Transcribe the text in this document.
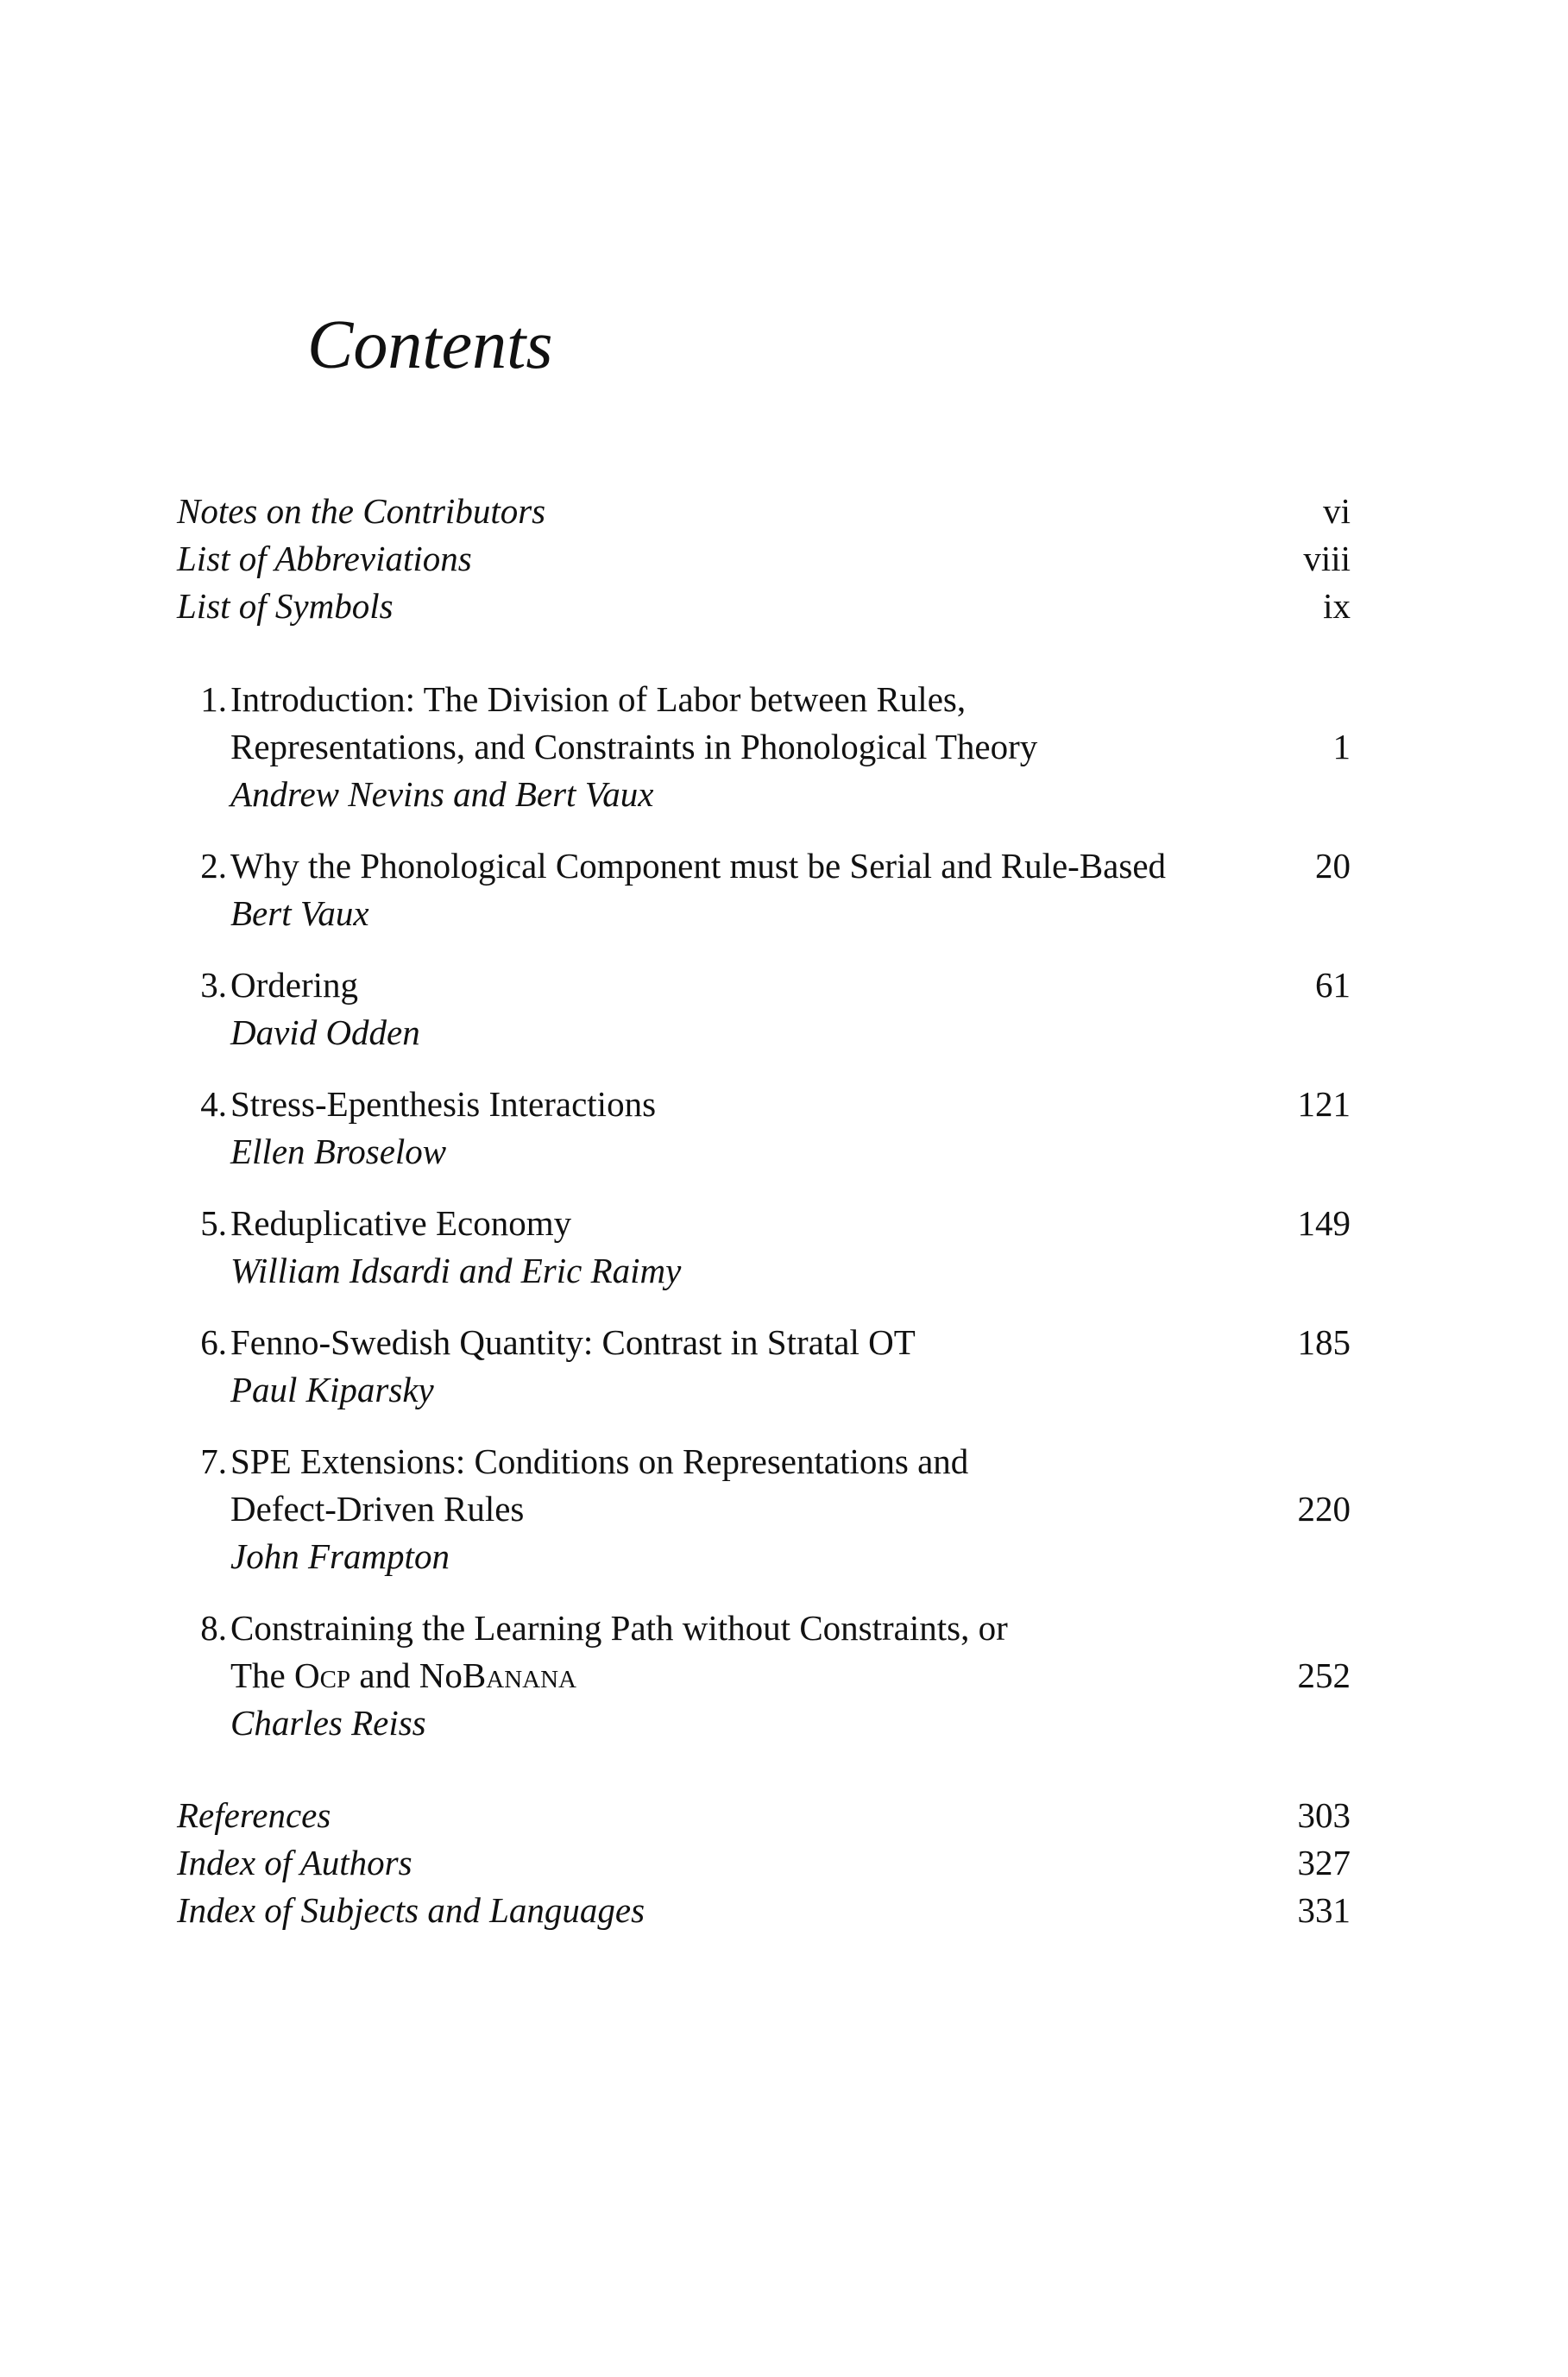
Contents
Notes on the Contributors	vi
List of Abbreviations	viii
List of Symbols	ix
1. Introduction: The Division of Labor between Rules,
Representations, and Constraints in Phonological Theory	1
Andrew Nevins and Bert Vaux
2. Why the Phonological Component must be Serial and Rule-Based	20
Bert Vaux
3. Ordering	61
David Odden
4. Stress-Epenthesis Interactions	121
Ellen Broselow
5. Reduplicative Economy	149
William Idsardi and Eric Raimy
6. Fenno-Swedish Quantity: Contrast in Stratal OT	185
Paul Kiparsky
7. SPE Extensions: Conditions on Representations and
Defect-Driven Rules	220
John Frampton
8. Constraining the Learning Path without Constraints, or
The Ocp and NoBanana	252
Charles Reiss
References	303
Index of Authors	327
Index of Subjects and Languages	331
